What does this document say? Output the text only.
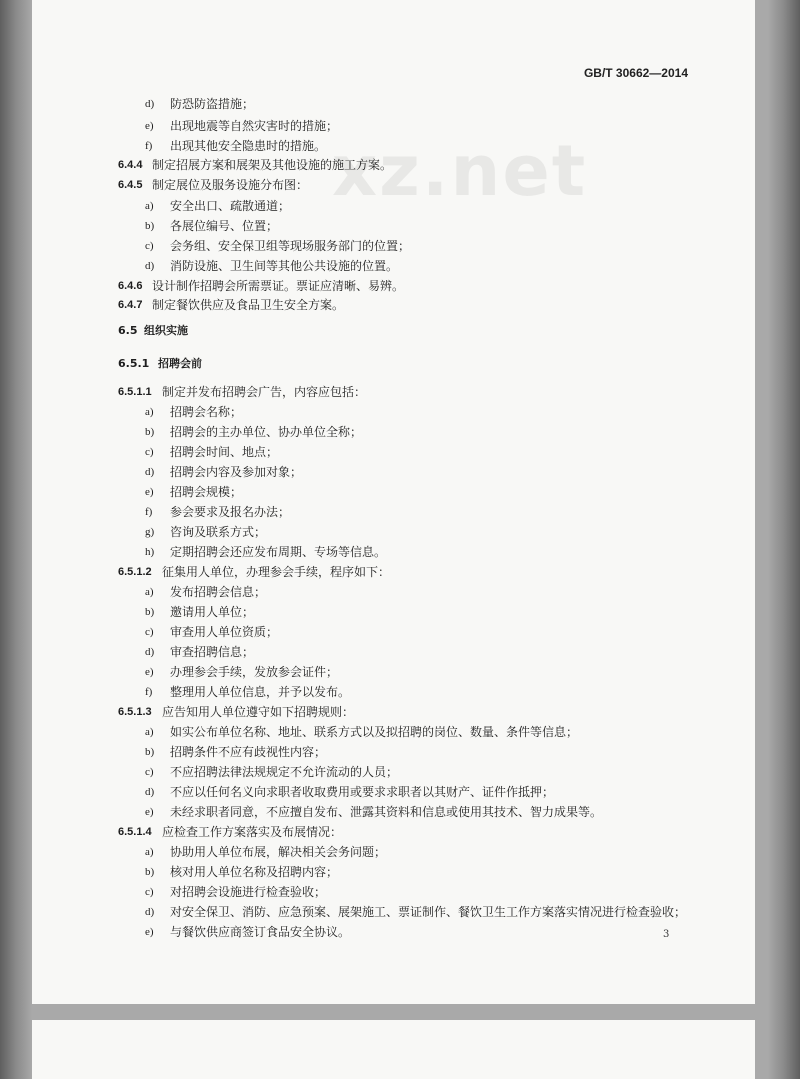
xz.net
GB/T 30662—2014
d) 防恐防盗措施；
e) 出现地震等自然灾害时的措施；
f) 出现其他安全隐患时的措施。
6.4.4 制定招展方案和展架及其他设施的施工方案。
6.4.5 制定展位及服务设施分布图：
a) 安全出口、疏散通道；
b) 各展位编号、位置；
c) 会务组、安全保卫组等现场服务部门的位置；
d) 消防设施、卫生间等其他公共设施的位置。
6.4.6 设计制作招聘会所需票证。票证应清晰、易辨。
6.4.7 制定餐饮供应及食品卫生安全方案。
6.5 组织实施
6.5.1 招聘会前
6.5.1.1 制定并发布招聘会广告，内容应包括：
a) 招聘会名称；
b) 招聘会的主办单位、协办单位全称；
c) 招聘会时间、地点；
d) 招聘会内容及参加对象；
e) 招聘会规模；
f) 参会要求及报名办法；
g) 咨询及联系方式；
h) 定期招聘会还应发布周期、专场等信息。
6.5.1.2 征集用人单位，办理参会手续，程序如下：
a) 发布招聘会信息；
b) 邀请用人单位；
c) 审查用人单位资质；
d) 审查招聘信息；
e) 办理参会手续，发放参会证件；
f) 整理用人单位信息，并予以发布。
6.5.1.3 应告知用人单位遵守如下招聘规则：
a) 如实公布单位名称、地址、联系方式以及拟招聘的岗位、数量、条件等信息；
b) 招聘条件不应有歧视性内容；
c) 不应招聘法律法规规定不允许流动的人员；
d) 不应以任何名义向求职者收取费用或要求求职者以其财产、证件作抵押；
e) 未经求职者同意，不应擅自发布、泄露其资料和信息或使用其技术、智力成果等。
6.5.1.4 应检查工作方案落实及布展情况：
a) 协助用人单位布展，解决相关会务问题；
b) 核对用人单位名称及招聘内容；
c) 对招聘会设施进行检查验收；
d) 对安全保卫、消防、应急预案、展架施工、票证制作、餐饮卫生工作方案落实情况进行检查验收；
e) 与餐饮供应商签订食品安全协议。	3
